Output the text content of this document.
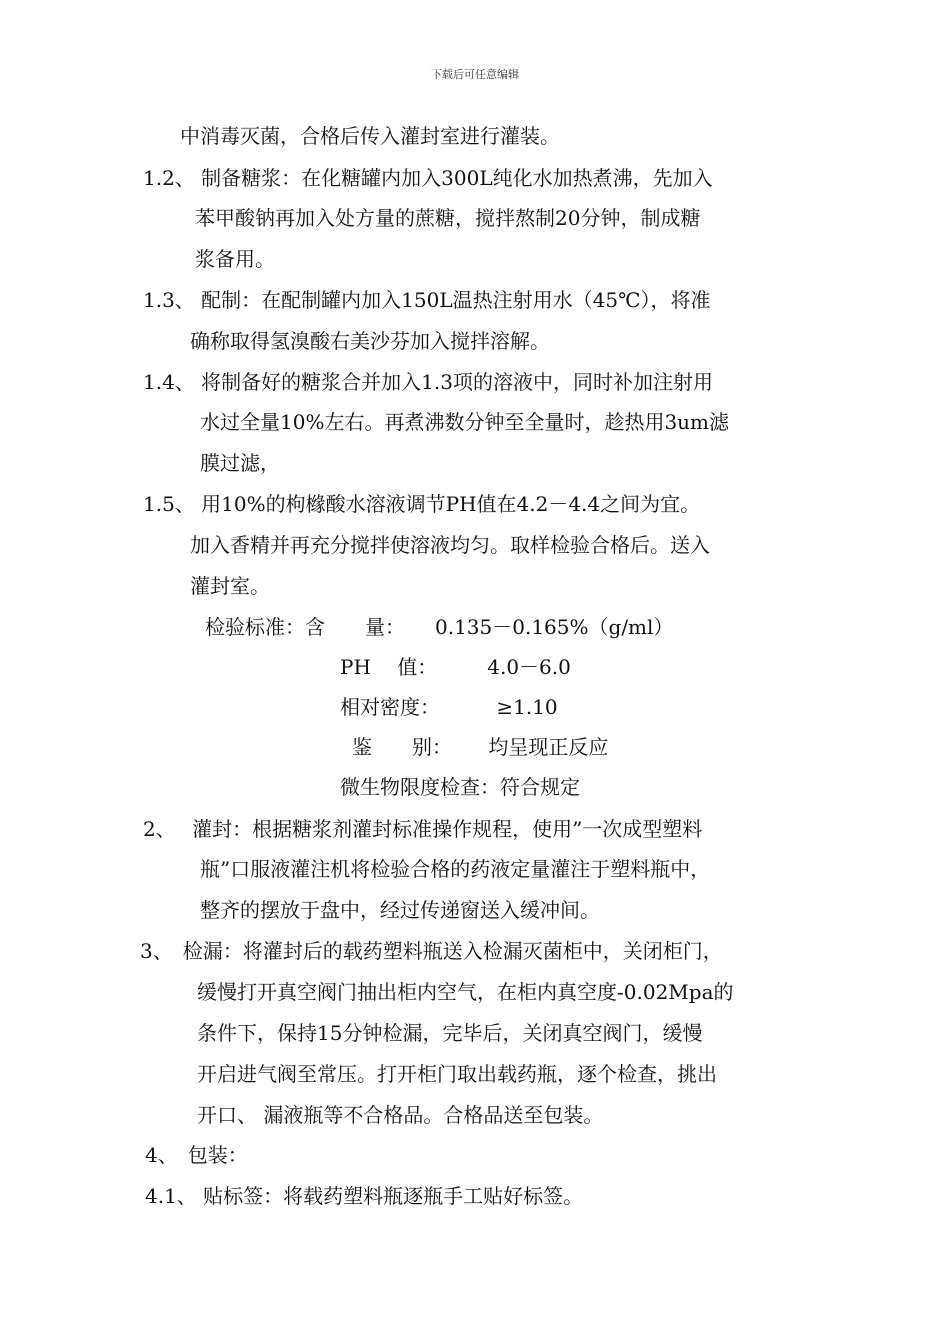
下载后可任意编辑
中消毒灭菌，合格后传入灌封室进行灌装。
1.2、 制备糖浆：在化糖罐内加入300L纯化水加热煮沸，先加入
苯甲酸钠再加入处方量的蔗糖，搅拌熬制20分钟，制成糖
浆备用。
1.3、 配制：在配制罐内加入150L温热注射用水（45℃），将准
确称取得氢溴酸右美沙芬加入搅拌溶解。
1.4、 将制备好的糖浆合并加入1.3项的溶液中，同时补加注射用
水过全量10%左右。再煮沸数分钟至全量时，趁热用3um滤
膜过滤，
1.5、 用10%的枸橼酸水溶液调节PH值在4.2－4.4之间为宜。
加入香精并再充分搅拌使溶液均匀。取样检验合格后。送入
灌封室。
检验标准：含　　量：　　0.135－0.165%（g/ml）
PH　 值：　　　4.0－6.0
相对密度：　　　 ≥1.10
鉴　　别：　　 均呈现正反应
微生物限度检查：符合规定
2、　 灌封：根据糖浆剂灌封标准操作规程，使用”一次成型塑料
瓶”口服液灌注机将检验合格的药液定量灌注于塑料瓶中，
整齐的摆放于盘中，经过传递窗送入缓冲间。
3、　检漏：将灌封后的载药塑料瓶送入检漏灭菌柜中，关闭柜门，
缓慢打开真空阀门抽出柜内空气，在柜内真空度-0.02Mpa的
条件下，保持15分钟检漏，完毕后，关闭真空阀门，缓慢
开启进气阀至常压。打开柜门取出载药瓶，逐个检查，挑出
开口、 漏液瓶等不合格品。合格品送至包装。
4、　包装：
4.1、 贴标签：将载药塑料瓶逐瓶手工贴好标签。
